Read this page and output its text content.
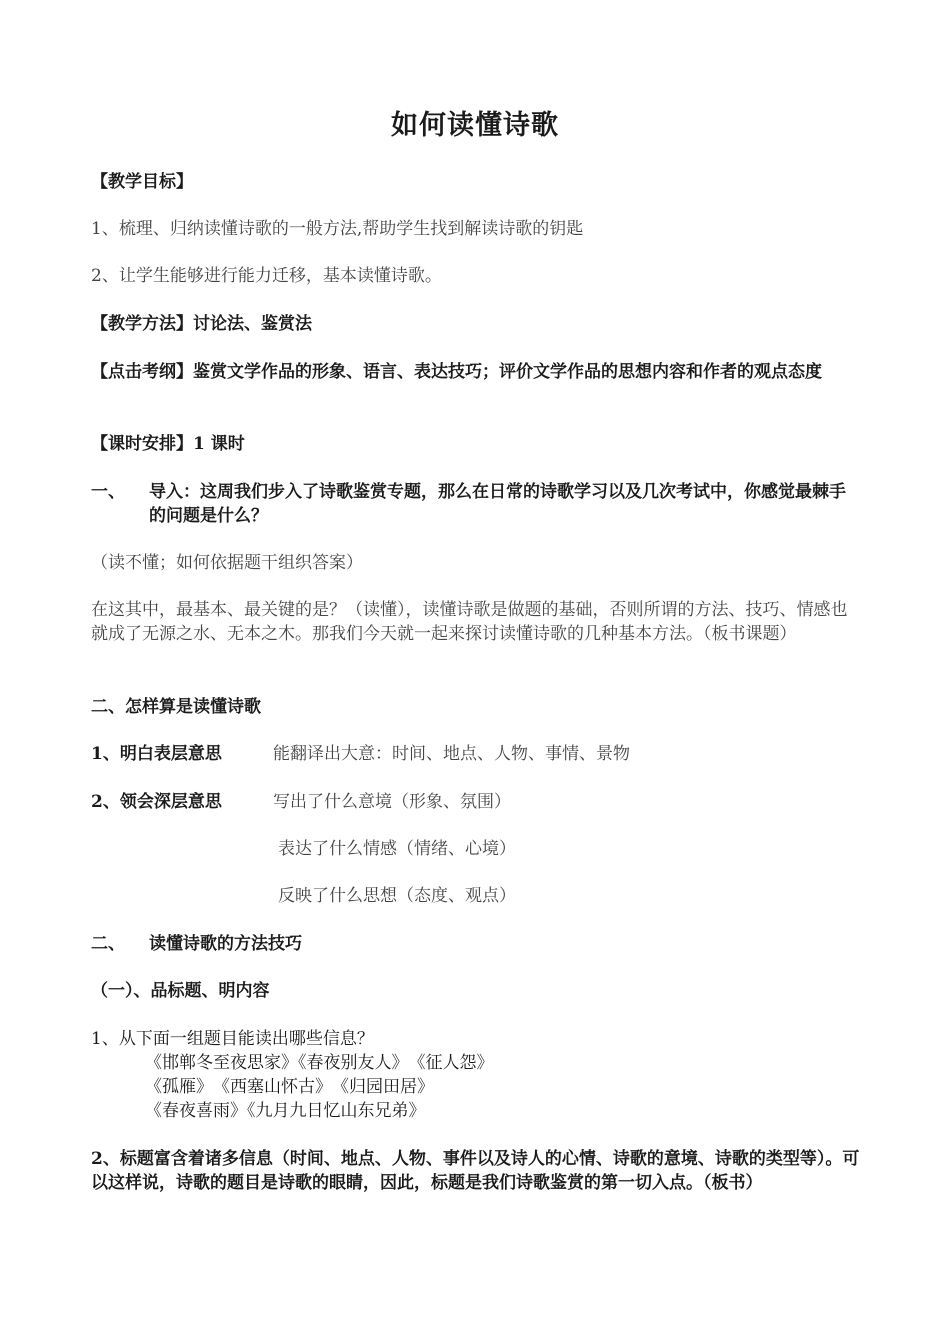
如何读懂诗歌
【教学目标】
1、梳理、归纳读懂诗歌的一般方法,帮助学生找到解读诗歌的钥匙
2、让学生能够进行能力迁移，基本读懂诗歌。
【教学方法】讨论法、鉴赏法
【点击考纲】鉴赏文学作品的形象、语言、表达技巧；评价文学作品的思想内容和作者的观点态度
【课时安排】1 课时
一、 导入：这周我们步入了诗歌鉴赏专题，那么在日常的诗歌学习以及几次考试中，你感觉最棘手的问题是什么？
（读不懂；如何依据题干组织答案）
在这其中，最基本、最关键的是？（读懂），读懂诗歌是做题的基础，否则所谓的方法、技巧、情感也就成了无源之水、无本之木。那我们今天就一起来探讨读懂诗歌的几种基本方法。（板书课题）
二、怎样算是读懂诗歌
1、明白表层意思	能翻译出大意：时间、地点、人物、事情、景物
2、领会深层意思	写出了什么意境（形象、氛围）
表达了什么情感（情绪、心境）
反映了什么思想（态度、观点）
二、 读懂诗歌的方法技巧
（一）、品标题、明内容
1、从下面一组题目能读出哪些信息？
《邯郸冬至夜思家》《春夜别友人》　《征人怨》
《孤雁》　《西塞山怀古》　《归园田居》
《春夜喜雨》《九月九日忆山东兄弟》
2、标题富含着诸多信息（时间、地点、人物、事件以及诗人的心情、诗歌的意境、诗歌的类型等）。可以这样说，诗歌的题目是诗歌的眼睛，因此，标题是我们诗歌鉴赏的第一切入点。（板书）
